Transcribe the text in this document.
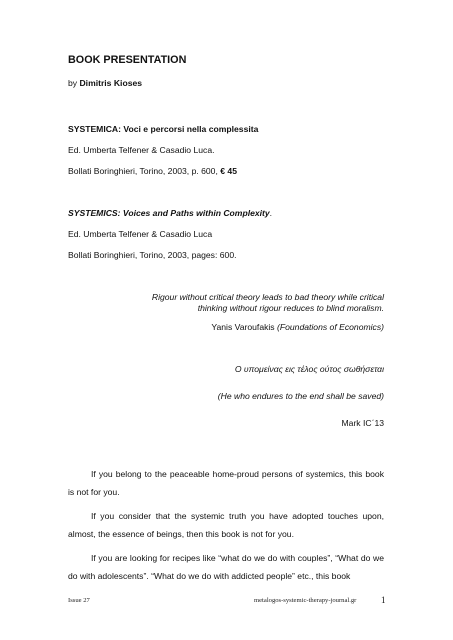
BOOK PRESENTATION
by Dimitris Kioses
SYSTEMICA: Voci e percorsi nella complessita
Ed. Umberta Telfener & Casadio Luca.
Bollati Boringhieri, Torino, 2003, p. 600, € 45
SYSTEMICS: Voices and Paths within Complexity.
Ed. Umberta Telfener & Casadio Luca
Bollati Boringhieri, Torino, 2003, pages: 600.
Rigour without critical theory leads to bad theory while critical
thinking without rigour reduces to blind moralism.
Yanis Varoufakis (Foundations of Economics)
Ο υπομείνας εις τέλος ούτος σωθήσεται
(He who endures to the end shall be saved)
Mark IC΄13

If you belong to the peaceable home-proud persons of systemics, this book is not for you.

If you consider that the systemic truth you have adopted touches upon, almost, the essence of beings, then this book is not for you.

If you are looking for recipes like “what do we do with couples”, “What do we do with adolescents”. “What do we do with addicted people” etc., this book

Issue 27	metalogos-systemic-therapy-journal.gr	1
